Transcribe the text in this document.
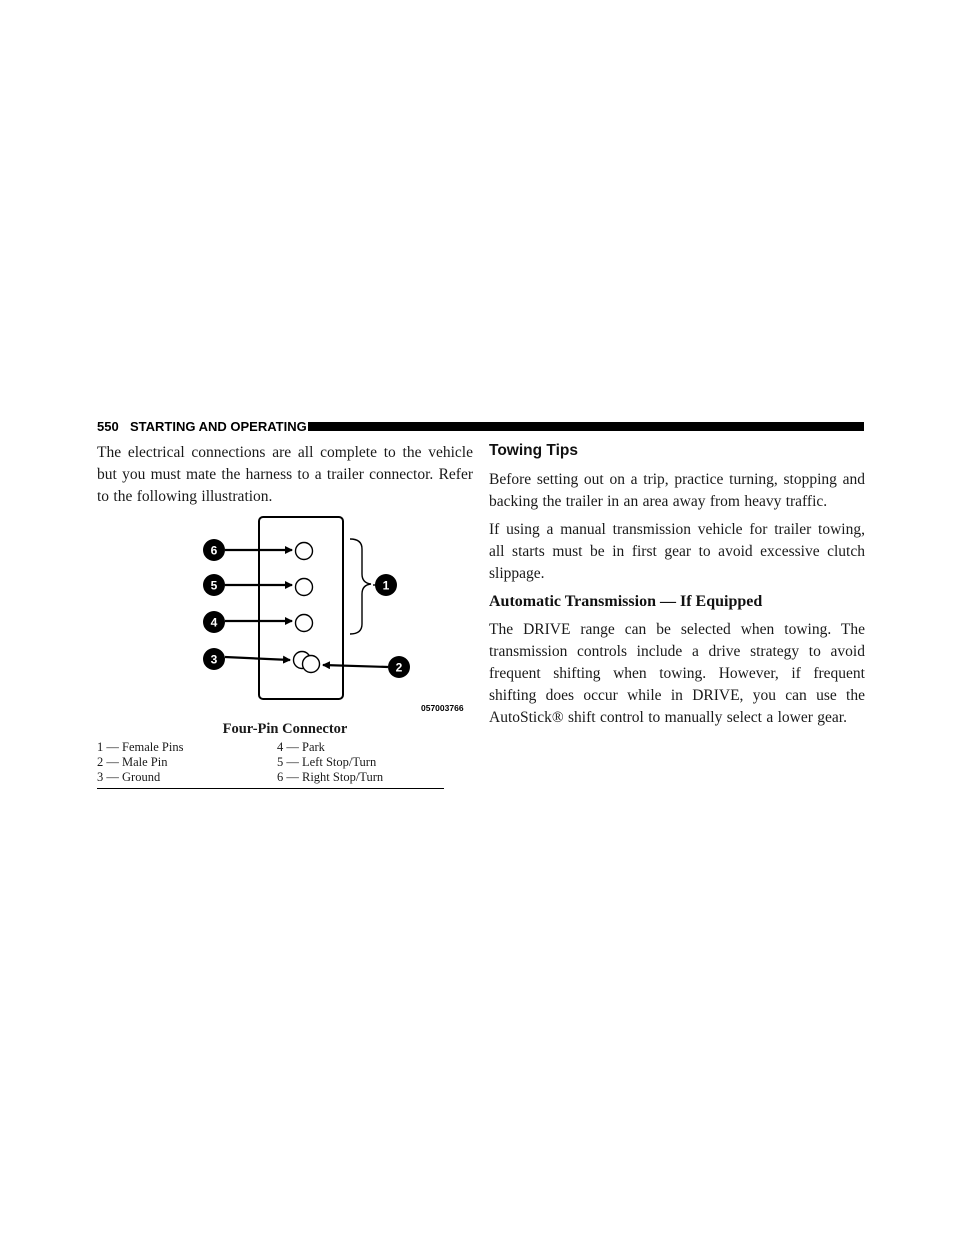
550 STARTING AND OPERATING

The electrical connections are all complete to the vehicle but you must mate the harness to a trailer connector. Refer to the following illustration.

6
5
4
3
1
2
057003766
Four-Pin Connector
1 — Female Pins	4 — Park
2 — Male Pin	5 — Left Stop/Turn
3 — Ground	6 — Right Stop/Turn
Towing Tips

Before setting out on a trip, practice turning, stopping and backing the trailer in an area away from heavy traffic.

If using a manual transmission vehicle for trailer towing, all starts must be in first gear to avoid excessive clutch slippage.

Automatic Transmission — If Equipped

The DRIVE range can be selected when towing. The transmission controls include a drive strategy to avoid frequent shifting when towing. However, if frequent shifting does occur while in DRIVE, you can use the AutoStick® shift control to manually select a lower gear.
